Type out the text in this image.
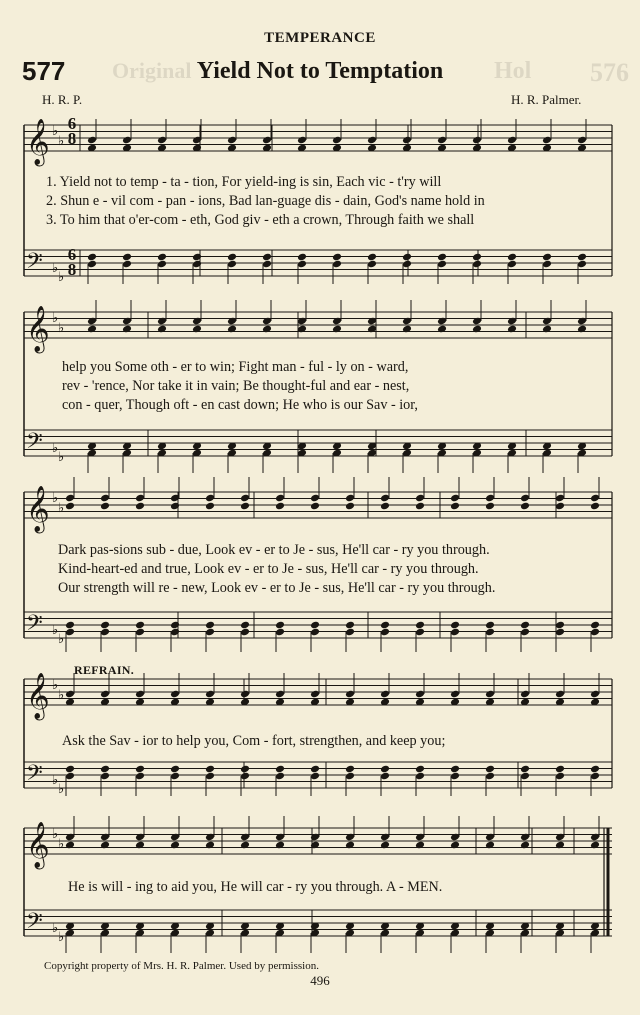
576
Hol
Original
TEMPERANCE
577	Yield Not to Temptation
H. R. P.	H. R. Palmer.
𝄞
𝄢
♭
♭
♭
♭
𝄞
𝄢
♭
♭
♭
♭
𝄞
𝄢
♭
♭
♭
♭
𝄞
𝄢
♭
♭
♭
♭
𝄞
𝄢
♭
♭
♭
♭
6
8
6
8
1. Yield not to temp - ta - tion, For yield-ing is sin, Each vic - t'ry will
2. Shun e - vil com - pan - ions, Bad lan-guage dis - dain, God's name hold in
3. To him that o'er-com - eth, God giv - eth a crown, Through faith we shall
help you Some oth - er to win; Fight man - ful - ly on - ward,
rev - 'rence, Nor take it in vain; Be thought-ful and ear - nest,
con - quer, Though oft - en cast down; He who is our Sav - ior,
Dark pas-sions sub - due, Look ev - er to Je - sus, He'll car - ry you through.
Kind-heart-ed and true, Look ev - er to Je - sus, He'll car - ry you through.
Our strength will re - new, Look ev - er to Je - sus, He'll car - ry you through.
REFRAIN.
Ask the Sav - ior to help you, Com - fort, strengthen, and keep you;
He is will - ing to aid you, He will car - ry you through. A - MEN.
Copyright property of Mrs. H. R. Palmer. Used by permission.
496
